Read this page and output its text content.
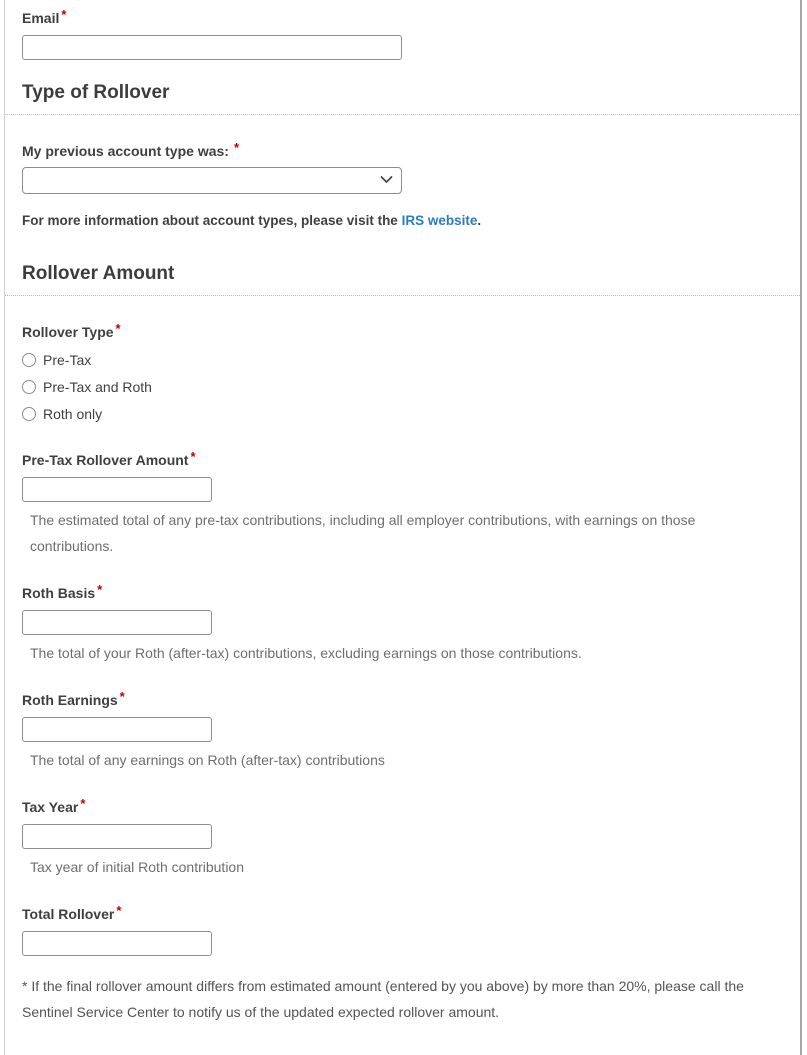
Email *
Type of Rollover
My previous account type was: *

For more information about account types, please visit the IRS website.

Rollover Amount
Rollover Type *
Pre-Tax
Pre-Tax and Roth
Roth only
Pre-Tax Rollover Amount *

The estimated total of any pre-tax contributions, including all employer contributions, with earnings on those contributions.

Roth Basis *

The total of your Roth (after-tax) contributions, excluding earnings on those contributions.

Roth Earnings *

The total of any earnings on Roth (after-tax) contributions

Tax Year *

Tax year of initial Roth contribution

Total Rollover *

* If the final rollover amount differs from estimated amount (entered by you above) by more than 20%, please call the Sentinel Service Center to notify us of the updated expected rollover amount.
